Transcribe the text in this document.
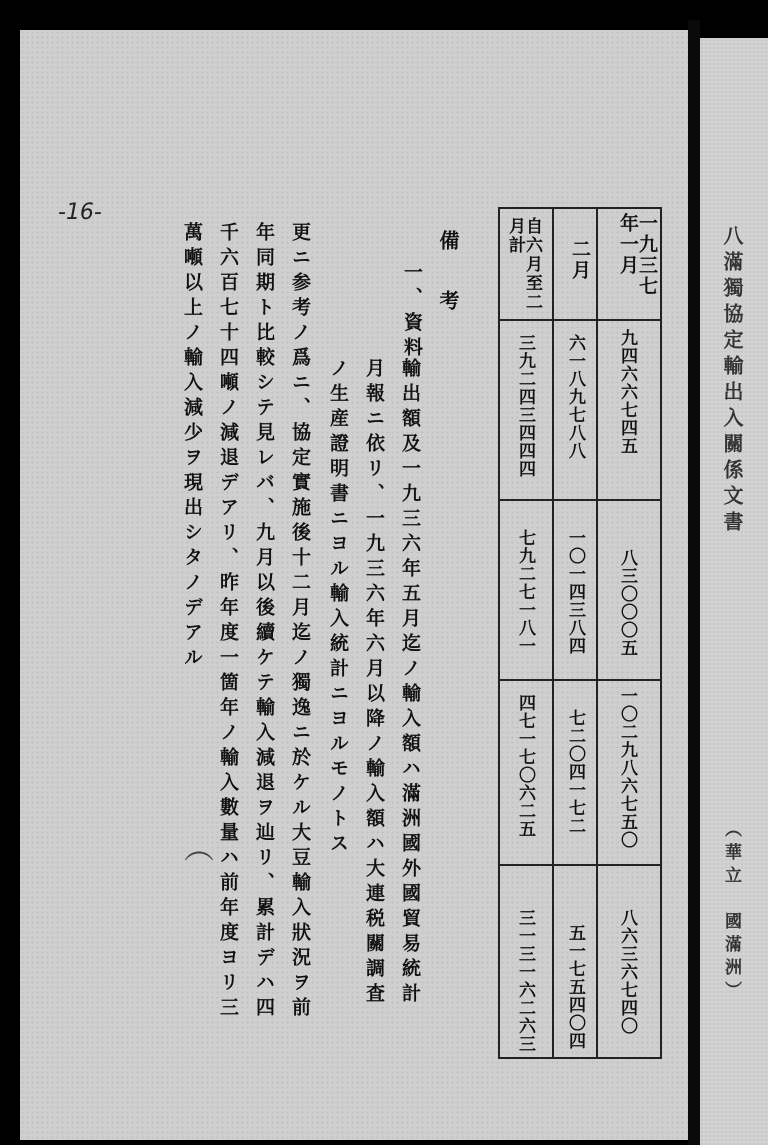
-16-
一九三七年一月
二月
自六月至二月計
九四六六七四五
八三〇〇〇五
一〇二九八六七五〇
八六三六七四〇
六一八九七八八
一〇一四三八四
七二〇四一七二
五一七五四〇四
三九二四三四四四
七九二七一八一
四七一七〇六二五
三一三一六二六三
備考
一、資料
輸出額及一九三六年五月迄ノ輸入額ハ滿洲國外國貿易統計
月報ニ依リ、一九三六年六月以降ノ輸入額ハ大連税關調査
ノ生産證明書ニヨル輸入統計ニヨルモノトス
更ニ参考ノ爲ニ、協定實施後十二月迄ノ獨逸ニ於ケル大豆輸入狀況ヲ前
年同期ト比較シテ見レバ、九月以後續ケテ輸入減退ヲ辿リ、累計デハ四
千六百七十四噸ノ減退デアリ、昨年度一箇年ノ輸入數量ハ前年度ヨリ三
萬噸以上ノ輸入減少ヲ現出シタノデアル
（
八滿獨協定輸出入關係文書
（華立　國滿洲）
